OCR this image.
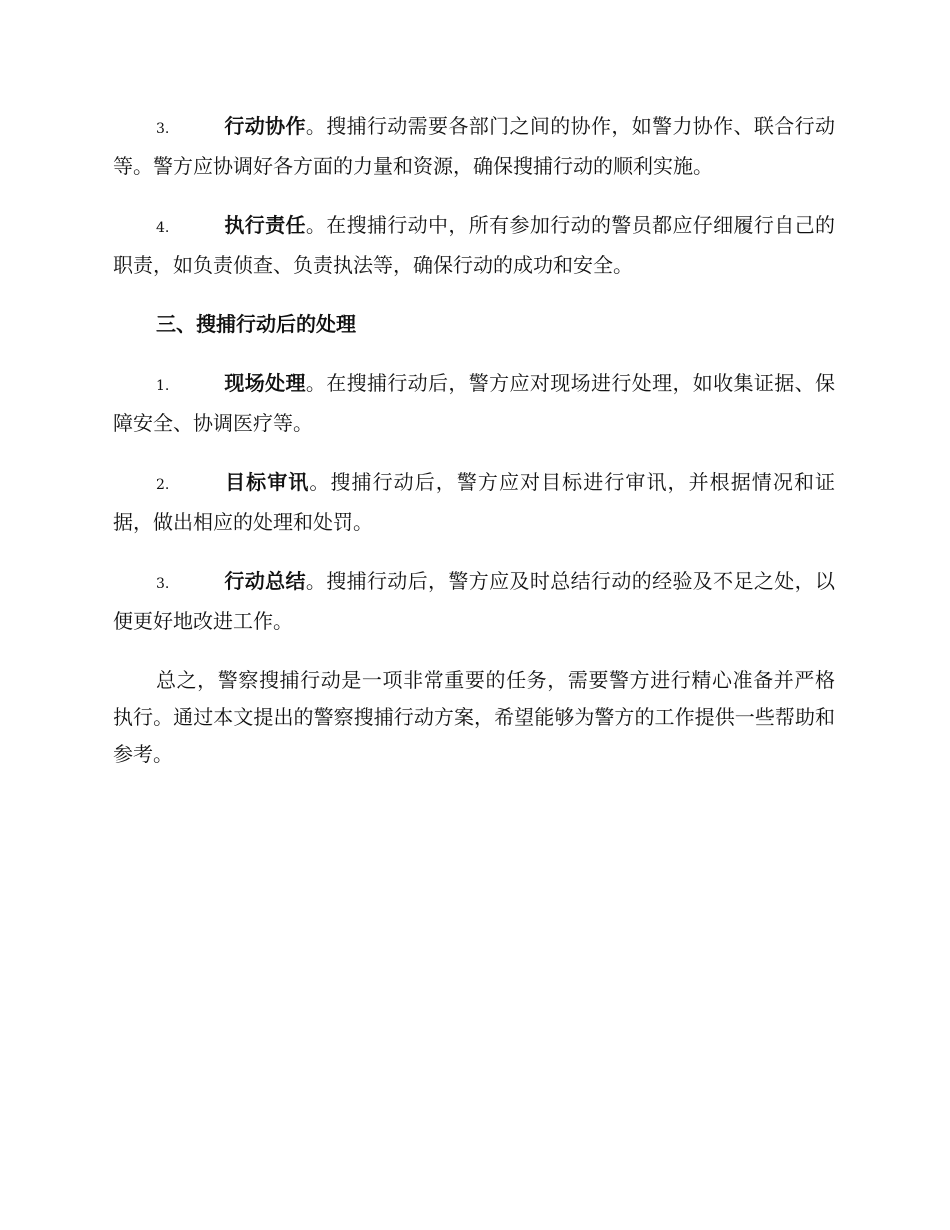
3.	行动协作。搜捕行动需要各部门之间的协作，如警力协作、联合行动等。警方应协调好各方面的力量和资源，确保搜捕行动的顺利实施。

4.	执行责任。在搜捕行动中，所有参加行动的警员都应仔细履行自己的职责，如负责侦查、负责执法等，确保行动的成功和安全。

三、搜捕行动后的处理

1.	现场处理。在搜捕行动后，警方应对现场进行处理，如收集证据、保障安全、协调医疗等。

2.	目标审讯。搜捕行动后，警方应对目标进行审讯，并根据情况和证据，做出相应的处理和处罚。

3.	行动总结。搜捕行动后，警方应及时总结行动的经验及不足之处，以便更好地改进工作。

总之，警察搜捕行动是一项非常重要的任务，需要警方进行精心准备并严格执行。通过本文提出的警察搜捕行动方案，希望能够为警方的工作提供一些帮助和参考。
